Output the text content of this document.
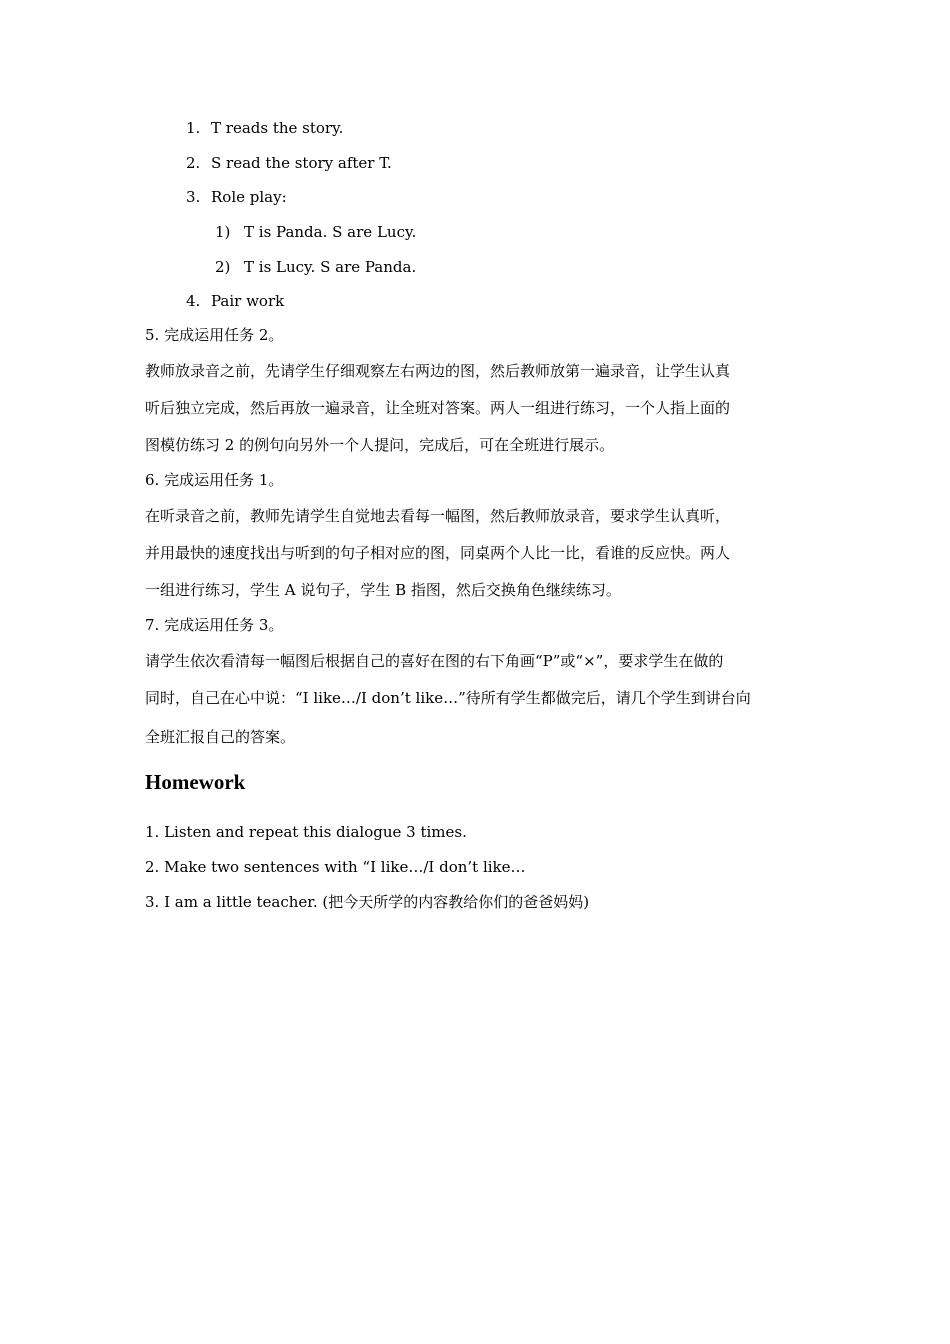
1. T reads the story.
2. S read the story after T.
3. Role play:
1) T is Panda. S are Lucy.
2) T is Lucy. S are Panda.
4. Pair work
5. 完成运用任务 2。
教师放录音之前，先请学生仔细观察左右两边的图，然后教师放第一遍录音，让学生认真
听后独立完成，然后再放一遍录音，让全班对答案。两人一组进行练习，一个人指上面的
图模仿练习 2 的例句向另外一个人提问，完成后，可在全班进行展示。
6. 完成运用任务 1。
在听录音之前，教师先请学生自觉地去看每一幅图，然后教师放录音，要求学生认真听，
并用最快的速度找出与听到的句子相对应的图，同桌两个人比一比，看谁的反应快。两人
一组进行练习，学生 A 说句子，学生 B 指图，然后交换角色继续练习。
7. 完成运用任务 3。
请学生依次看清每一幅图后根据自己的喜好在图的右下角画“P”或“×”，要求学生在做的
同时，自己在心中说：“I like…/I don’t like…”待所有学生都做完后，请几个学生到讲台向
全班汇报自己的答案。
Homework
1. Listen and repeat this dialogue 3 times.
2. Make two sentences with “I like…/I don’t like…
3. I am a little teacher. (把今天所学的内容教给你们的爸爸妈妈)
